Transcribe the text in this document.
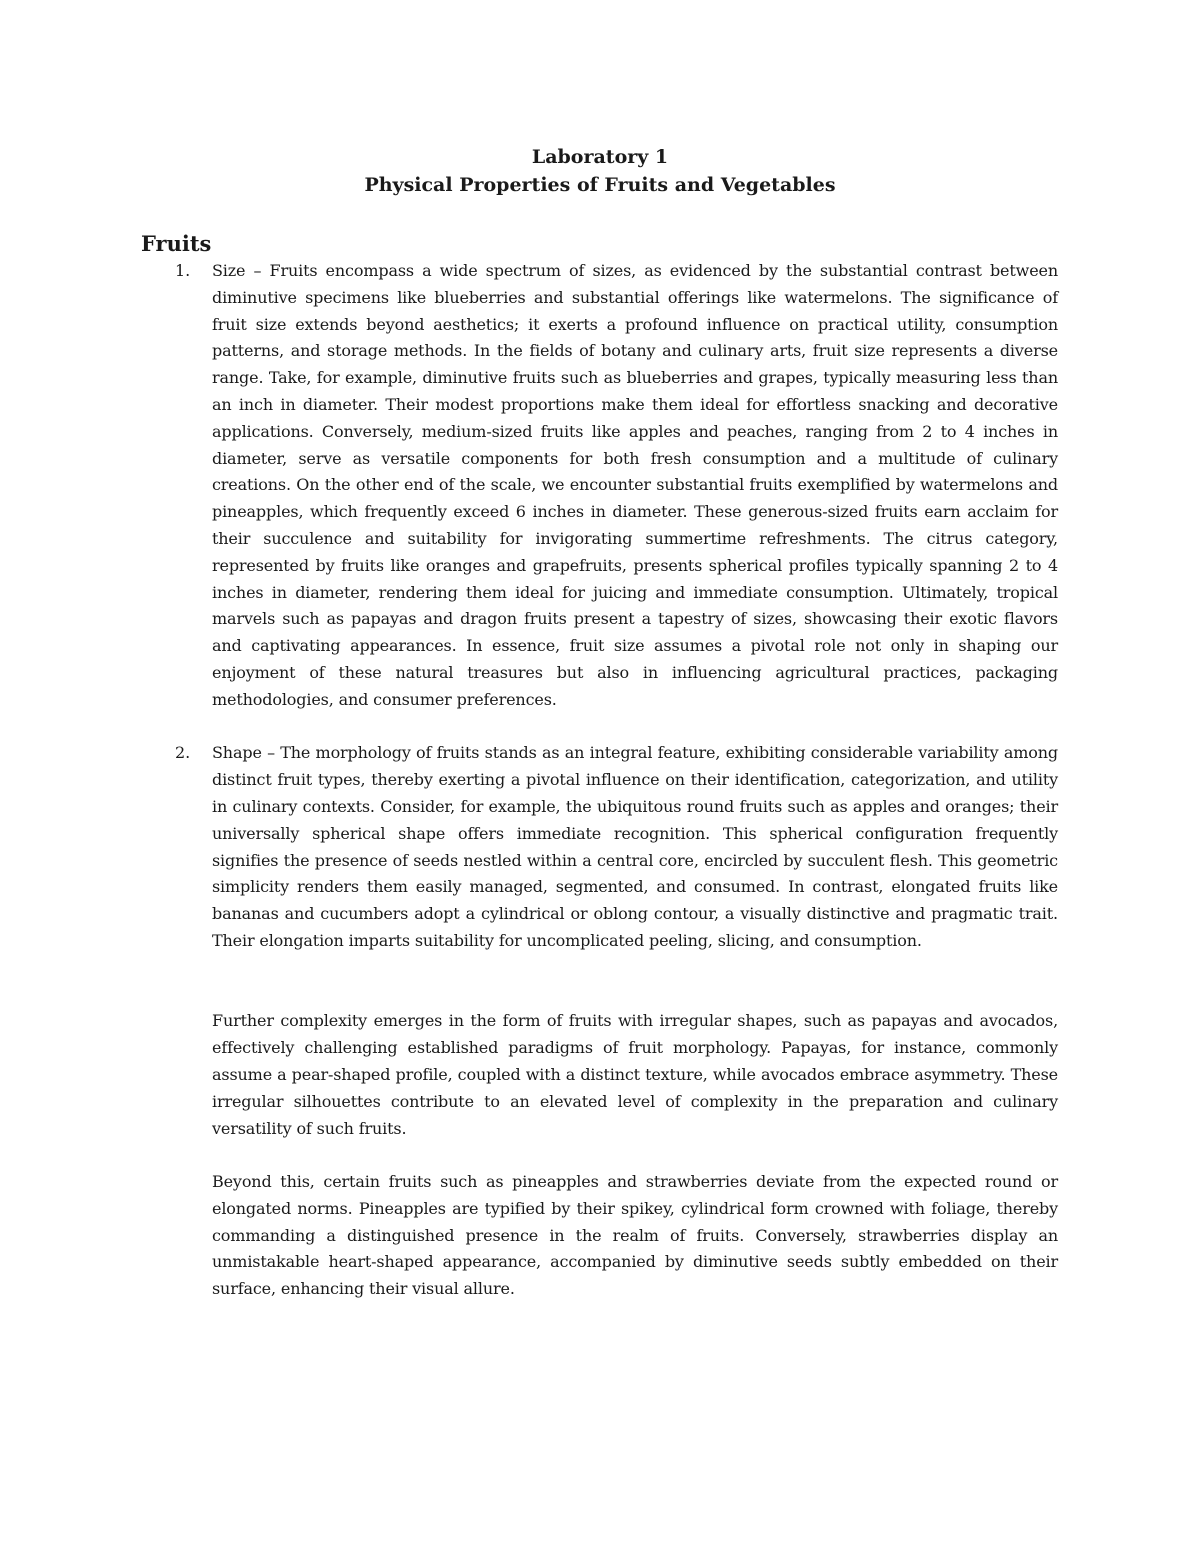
Laboratory 1
Physical Properties of Fruits and Vegetables
Fruits
1. Size – Fruits encompass a wide spectrum of sizes, as evidenced by the substantial contrast between diminutive specimens like blueberries and substantial offerings like watermelons. The significance of fruit size extends beyond aesthetics; it exerts a profound influence on practical utility, consumption patterns, and storage methods. In the fields of botany and culinary arts, fruit size represents a diverse range. Take, for example, diminutive fruits such as blueberries and grapes, typically measuring less than an inch in diameter. Their modest proportions make them ideal for effortless snacking and decorative applications. Conversely, medium-sized fruits like apples and peaches, ranging from 2 to 4 inches in diameter, serve as versatile components for both fresh consumption and a multitude of culinary creations. On the other end of the scale, we encounter substantial fruits exemplified by watermelons and pineapples, which frequently exceed 6 inches in diameter. These generous-sized fruits earn acclaim for their succulence and suitability for invigorating summertime refreshments. The citrus category, represented by fruits like oranges and grapefruits, presents spherical profiles typically spanning 2 to 4 inches in diameter, rendering them ideal for juicing and immediate consumption. Ultimately, tropical marvels such as papayas and dragon fruits present a tapestry of sizes, showcasing their exotic flavors and captivating appearances. In essence, fruit size assumes a pivotal role not only in shaping our enjoyment of these natural treasures but also in influencing agricultural practices, packaging methodologies, and consumer preferences.

2. Shape – The morphology of fruits stands as an integral feature, exhibiting considerable variability among distinct fruit types, thereby exerting a pivotal influence on their identification, categorization, and utility in culinary contexts. Consider, for example, the ubiquitous round fruits such as apples and oranges; their universally spherical shape offers immediate recognition. This spherical configuration frequently signifies the presence of seeds nestled within a central core, encircled by succulent flesh. This geometric simplicity renders them easily managed, segmented, and consumed. In contrast, elongated fruits like bananas and cucumbers adopt a cylindrical or oblong contour, a visually distinctive and pragmatic trait. Their elongation imparts suitability for uncomplicated peeling, slicing, and consumption.

Further complexity emerges in the form of fruits with irregular shapes, such as papayas and avocados, effectively challenging established paradigms of fruit morphology. Papayas, for instance, commonly assume a pear-shaped profile, coupled with a distinct texture, while avocados embrace asymmetry. These irregular silhouettes contribute to an elevated level of complexity in the preparation and culinary versatility of such fruits.

Beyond this, certain fruits such as pineapples and strawberries deviate from the expected round or elongated norms. Pineapples are typified by their spikey, cylindrical form crowned with foliage, thereby commanding a distinguished presence in the realm of fruits. Conversely, strawberries display an unmistakable heart-shaped appearance, accompanied by diminutive seeds subtly embedded on their surface, enhancing their visual allure.
